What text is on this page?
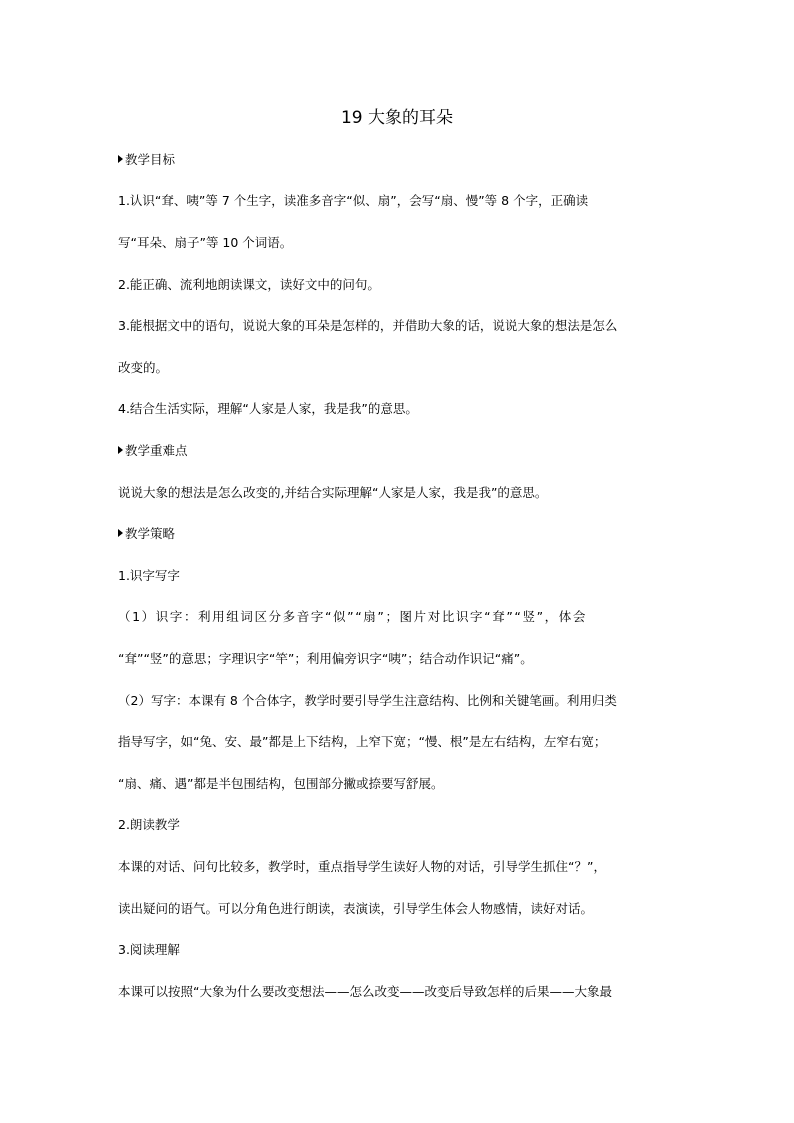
19 大象的耳朵
教学目标
1.认识“耷、咦”等 7 个生字，读准多音字“似、扇”，会写“扇、慢”等 8 个字，正确读
写“耳朵、扇子”等 10 个词语。
2.能正确、流利地朗读课文，读好文中的问句。
3.能根据文中的语句，说说大象的耳朵是怎样的，并借助大象的话，说说大象的想法是怎么
改变的。
4.结合生活实际，理解“人家是人家，我是我”的意思。
教学重难点
说说大象的想法是怎么改变的,并结合实际理解“人家是人家，我是我”的意思。
教学策略
1.识字写字
（1）识字：利用组词区分多音字“似”“扇”；图片对比识字“耷”“竖”，体会
“耷”“竖”的意思；字理识字“竿”；利用偏旁识字“咦”；结合动作识记“痛”。
（2）写字：本课有 8 个合体字，教学时要引导学生注意结构、比例和关键笔画。利用归类
指导写字，如“兔、安、最”都是上下结构，上窄下宽；“慢、根”是左右结构，左窄右宽；
“扇、痛、遇”都是半包围结构，包围部分撇或捺要写舒展。
2.朗读教学
本课的对话、问句比较多，教学时，重点指导学生读好人物的对话，引导学生抓住“？”，
读出疑问的语气。可以分角色进行朗读，表演读，引导学生体会人物感情，读好对话。
3.阅读理解
本课可以按照“大象为什么要改变想法——怎么改变——改变后导致怎样的后果——大象最
